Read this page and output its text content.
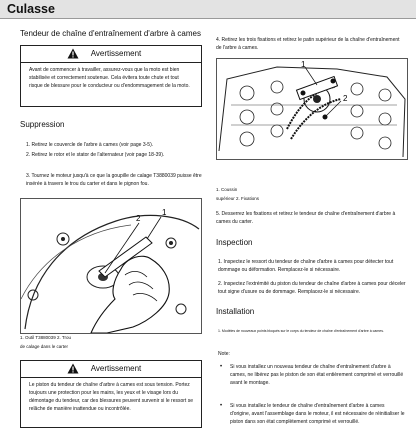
Culasse
Tendeur de chaîne d'entraînement d'arbre à cames
Avertissement
Avant de commencer à travailler, assurez-vous que la moto est bien stabilisée et correctement soutenue. Cela évitera toute chute et tout risque de blessure pour le conducteur ou d'endommagement de la moto.
Suppression
1. Retirez le couvercle de l'arbre à cames (voir page 3-5).
2. Retirez le rotor et le stator de l'alternateur (voir page 18-39).
3. Tournez le moteur jusqu'à ce que la goupille de calage T3880039 puisse être insérée à travers le trou du carter et dans le pignon fou.
1
2
1. Outil T3880039 2. Trou
de calage dans le carter
Avertissement
Le piston du tendeur de chaîne d'arbre à cames est sous tension. Portez toujours une protection pour les mains, les yeux et le visage lors du démontage du tendeur, car des blessures peuvent survenir si le ressort se relâche de manière inattendue ou incontrôlée.
4. Retirez les trois fixations et retirez le patin supérieur de la chaîne d'entraînement de l'arbre à cames.
1
2
1. Coussin
supérieur 2. Fixations
5. Desserrez les fixations et retirez le tendeur de chaîne d'entraînement d'arbre à cames du carter.
Inspection
1. Inspectez le ressort du tendeur de chaîne d'arbre à cames pour détecter tout dommage ou déformation. Remplacez-le si nécessaire.
2. Inspectez l'extrémité du piston du tendeur de chaîne d'arbre à cames pour déceler tout signe d'usure ou de dommage. Remplacez-le si nécessaire.
Installation
1. Modèles de nouveaux points bloqués sur le corps du tendeur de chaîne d'entraînement d'arbre à cames.
Note:
• Si vous installez un nouveau tendeur de chaîne d'entraînement d'arbre à cames, ne libérez pas le piston de son état entièrement comprimé et verrouillé avant le montage.
• Si vous installez le tendeur de chaîne d'entraînement d'arbre à cames d'origine, avant l'assemblage dans le moteur, il est nécessaire de réinitialiser le piston dans son état complètement comprimé et verrouillé.
